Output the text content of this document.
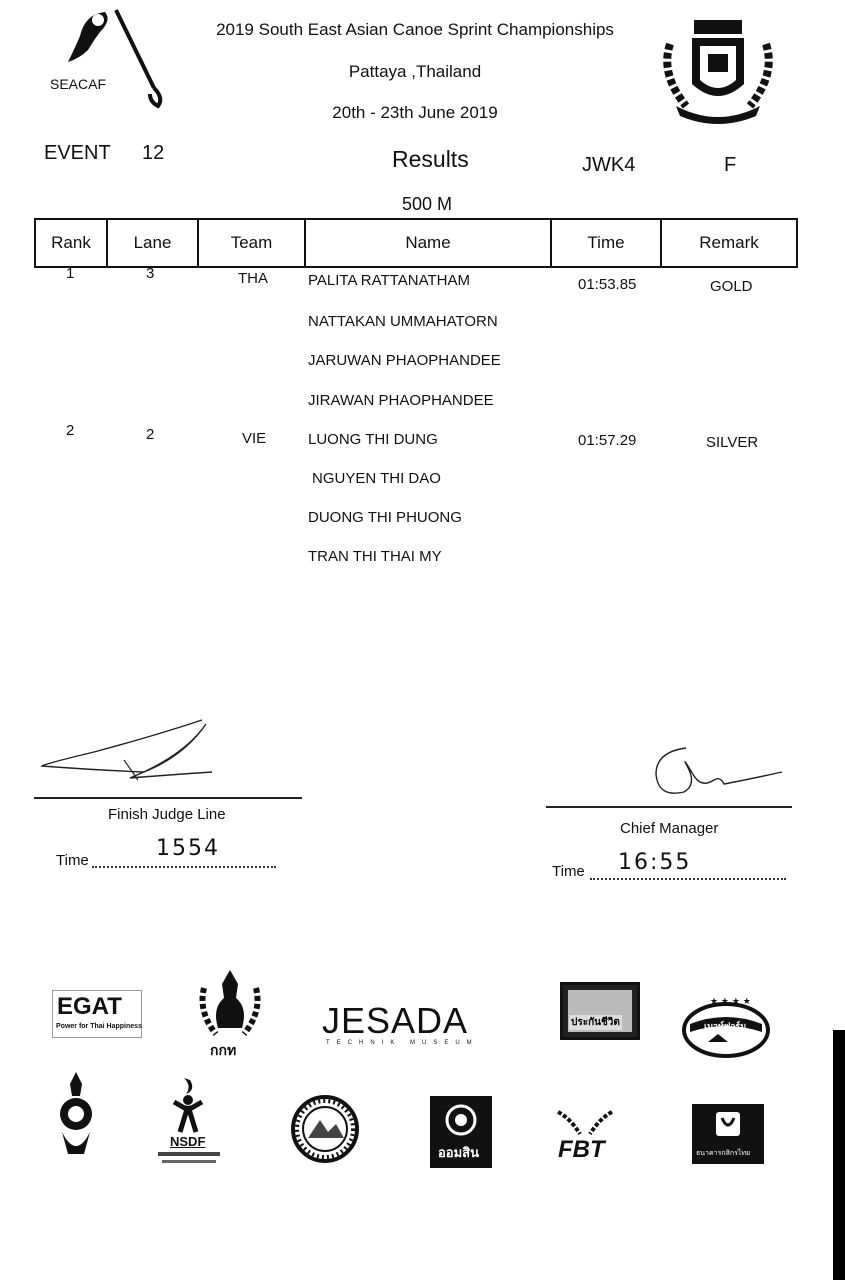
SEACAF
2019 South East Asian Canoe Sprint Championships
Pattaya ,Thailand
20th - 23th June 2019
EVENT 12	Results	JWK4	F
500 M
Rank	Lane	Team	Name	Time	Remark
1	3	THA	PALITA RATTANATHAM
NATTAKAN UMMAHATORN
JARUWAN PHAOPHANDEE
JIRAWAN PHAOPHANDEE
01:53.85	GOLD
2	2	VIE	LUONG THI DUNG
NGUYEN THI DAO
DUONG THI PHUONG
TRAN THI THAI MY
01:57.29	SILVER
Finish Judge Line
Time	1554
Chief Manager
Time 16:55
EGAT
Power for Thai Happiness
กกท
JESADA
TECHNIK MUSEUM
ประกันชีวิต
★ ★ ★ ★
เมาท์ฟาร์ม
NSDF
ออมสิน	FBT	ธนาคารกสิกรไทย
